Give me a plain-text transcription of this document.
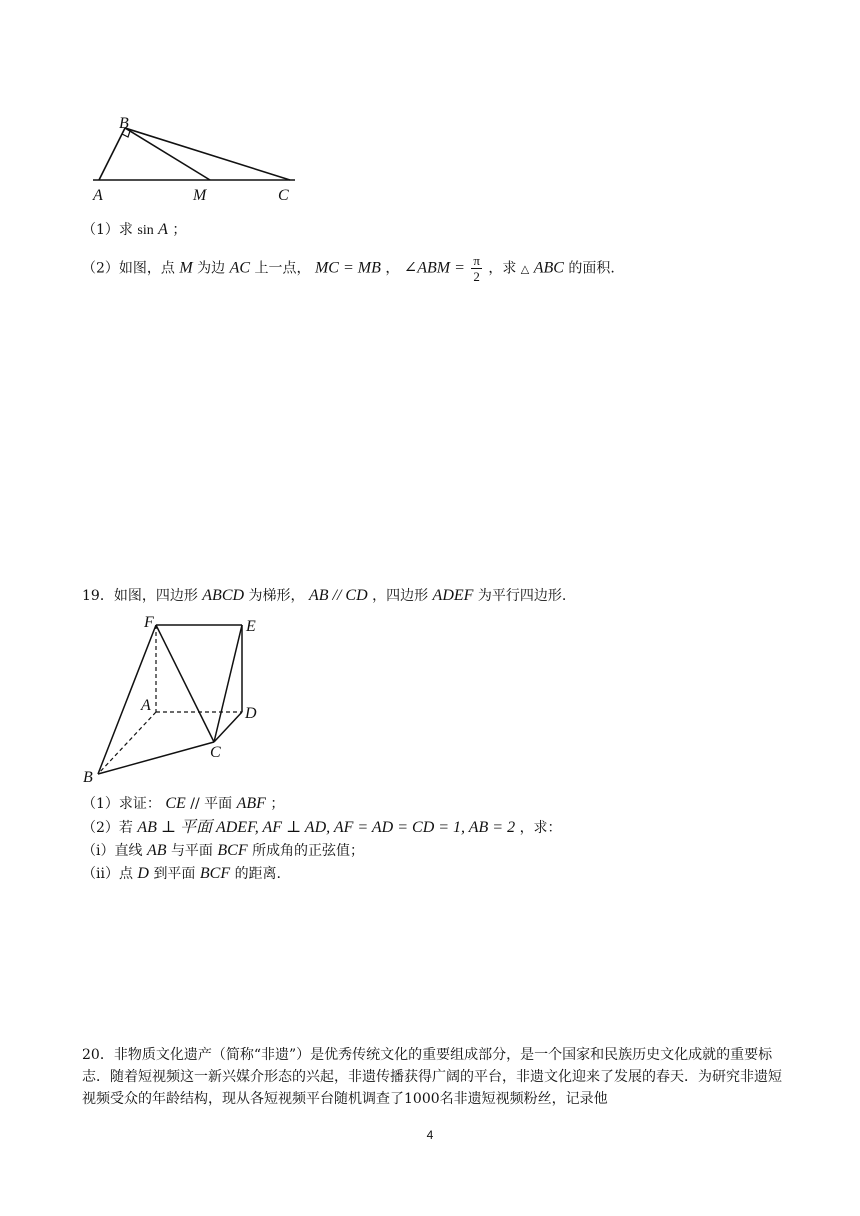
B
A	M	C
（1）求 sin A ；
（2）如图，点 M 为边 AC 上一点， MC = MB ， ∠ABM = $\frac{\pi}{2}$ ，求 △ ABC 的面积.
19．如图，四边形 ABCD 为梯形， AB // CD ，四边形 ADEF 为平行四边形.
F	E
A	D
C
B
（1）求证： CE // 平面 ABF ；
（2）若 AB ⊥ 平面 ADEF, AF ⊥ AD, AF = AD = CD = 1, AB = 2 ，求：
（ⅰ）直线 AB 与平面 BCF 所成角的正弦值；
（ⅱ）点 D 到平面 BCF 的距离.
20．非物质文化遗产（简称“非遗”）是优秀传统文化的重要组成部分，是一个国家和民族历史文化成就的重要标志．随着短视频这一新兴媒介形态的兴起，非遗传播获得广阔的平台，非遗文化迎来了发展的春天．为研究非遗短视频受众的年龄结构，现从各短视频平台随机调查了1000名非遗短视频粉丝，记录他
4
